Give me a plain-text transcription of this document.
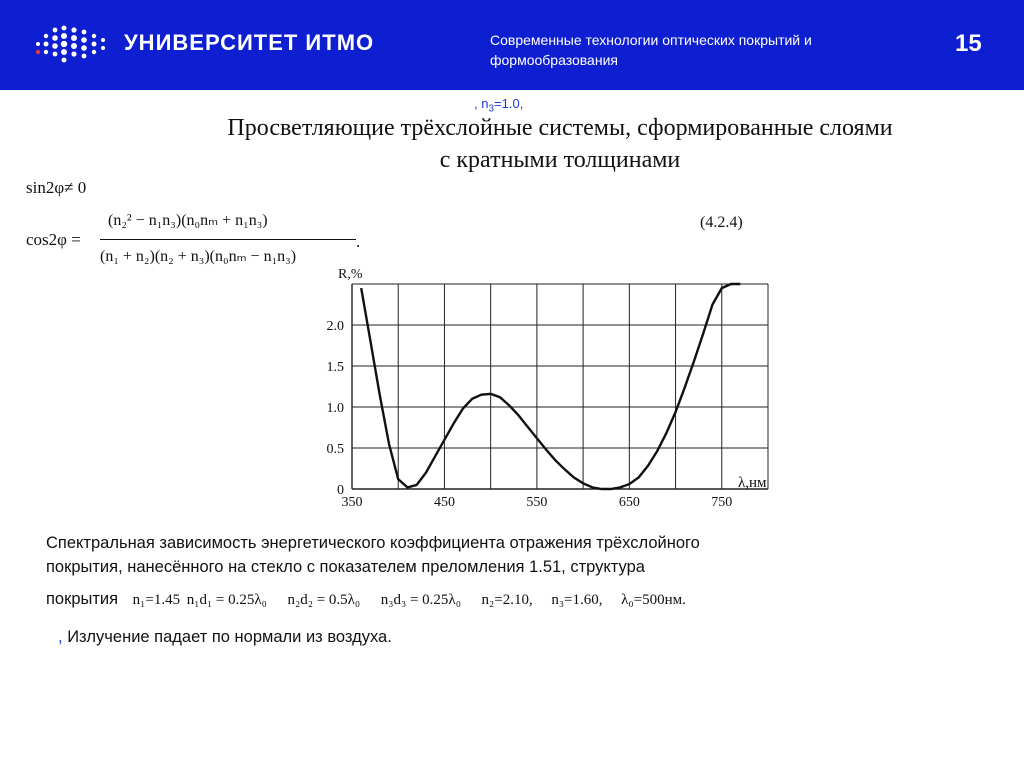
УНИВЕРСИТЕТ ИТМО	Современные технологии оптических покрытий и
формообразования
15
, $n_3=1.0$,
Просветляющие трёхслойные системы, сформированные слоями
с кратными толщинами
sin2φ≠ 0
cos2φ =
(n₂² − n₁n₃)(n₀nₘ + n₁n₃)
(n₁ + n₂)(n₂ + n₃)(n₀nₘ − n₁n₃)
.
(4.2.4)
350	450	550	650	750
0
0.5
1.0
1.5
2.0
R,%
λ,нм
Спектральная зависимость энергетического коэффициента отражения трёхслойного
покрытия, нанесённого на стекло с показателем преломления 1.51, структура
покрытия n₁=1.45 n₁d₁ = 0.25λ₀ n₂d₂ = 0.5λ₀ n₃d₃ = 0.25λ₀ n₂=2.10, n₃=1.60, λ₀=500нм.
, Излучение падает по нормали из воздуха.
